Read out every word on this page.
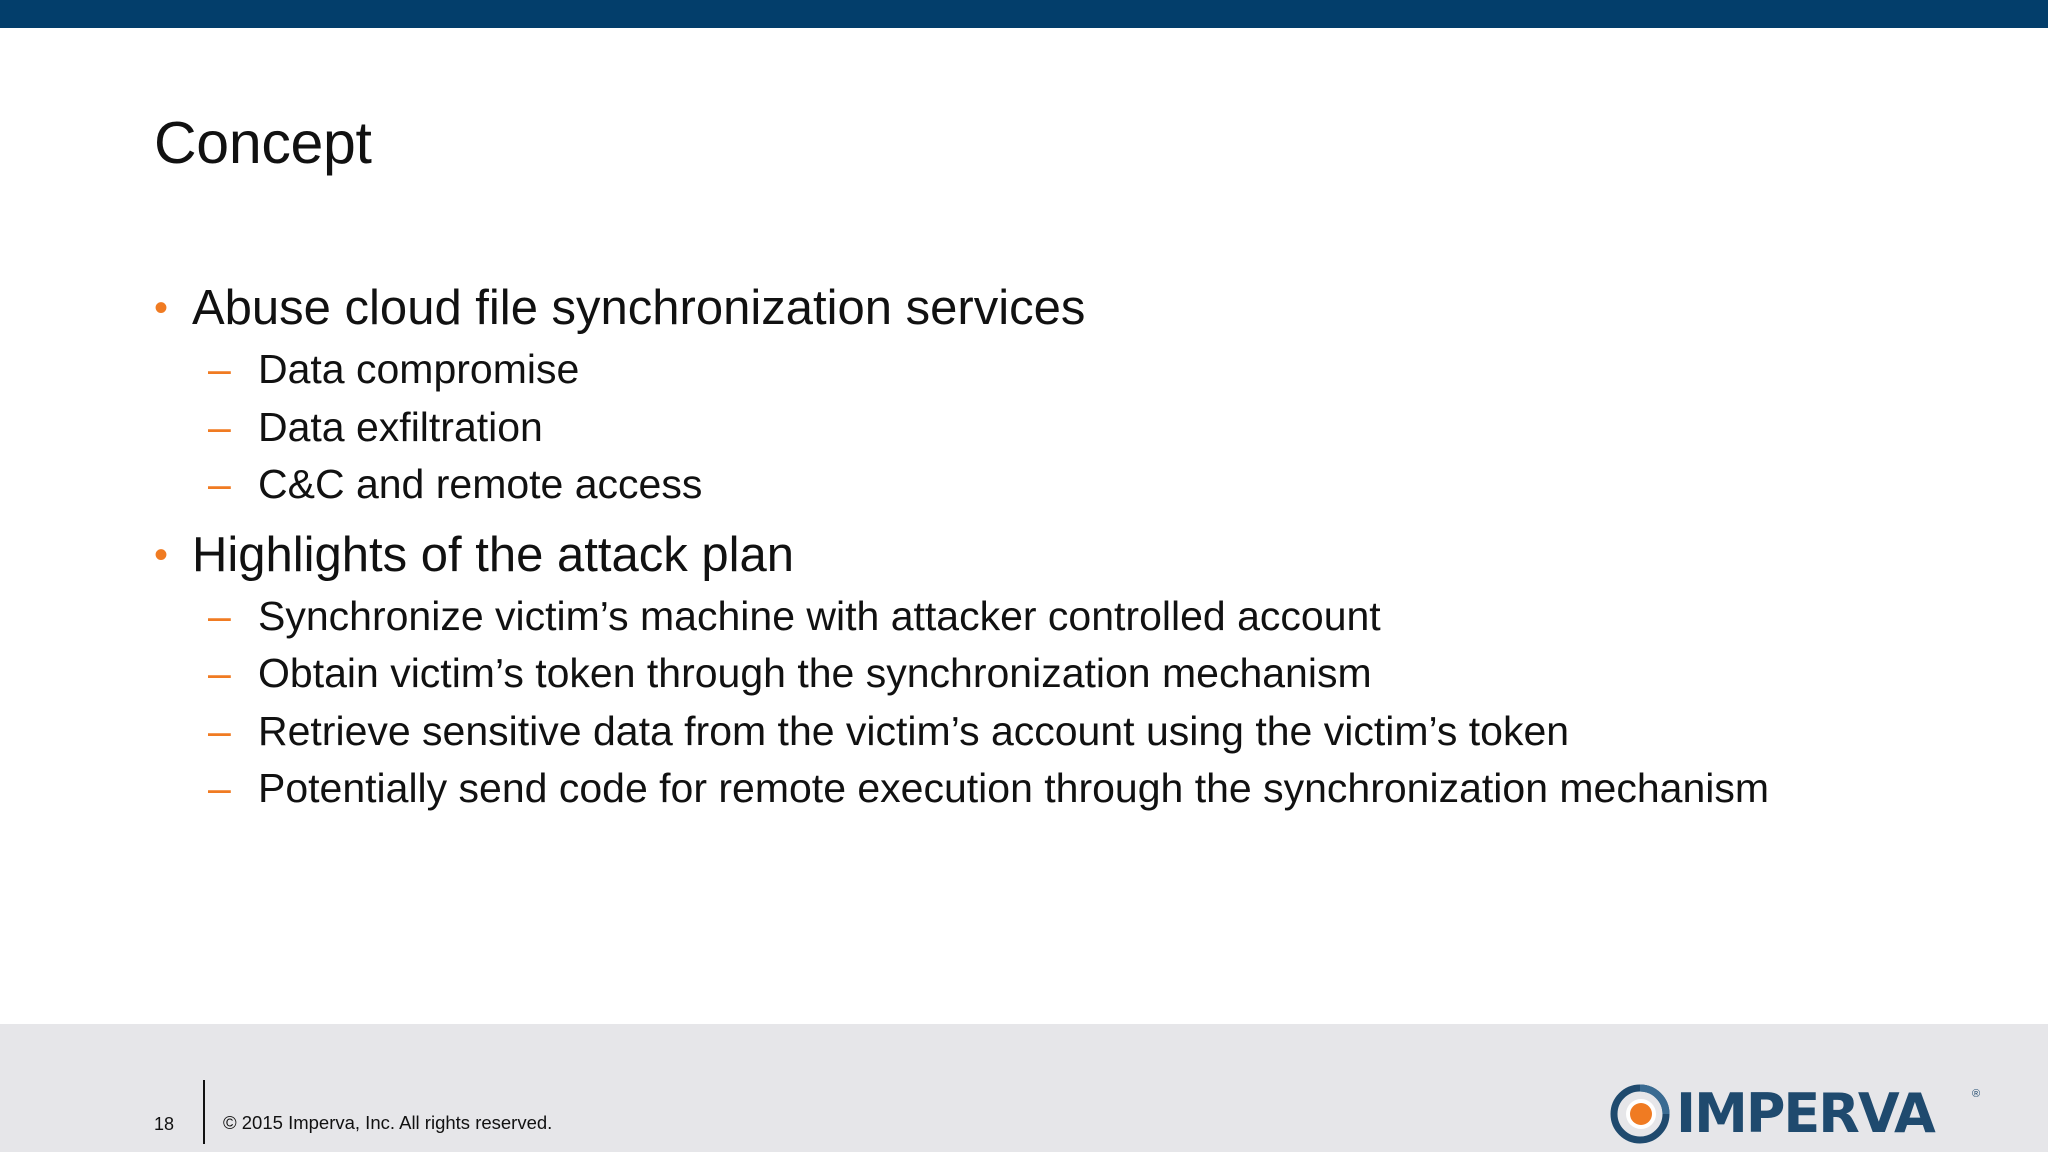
Concept
• Abuse cloud file synchronization services
– Data compromise
– Data exfiltration
– C&C and remote access
• Highlights of the attack plan
– Synchronize victim’s machine with attacker controlled account
– Obtain victim’s token through the synchronization mechanism
– Retrieve sensitive data from the victim’s account using the victim’s token
– Potentially send code for remote execution through the synchronization mechanism
18	© 2015 Imperva, Inc. All rights reserved.	IMPERVA	®
